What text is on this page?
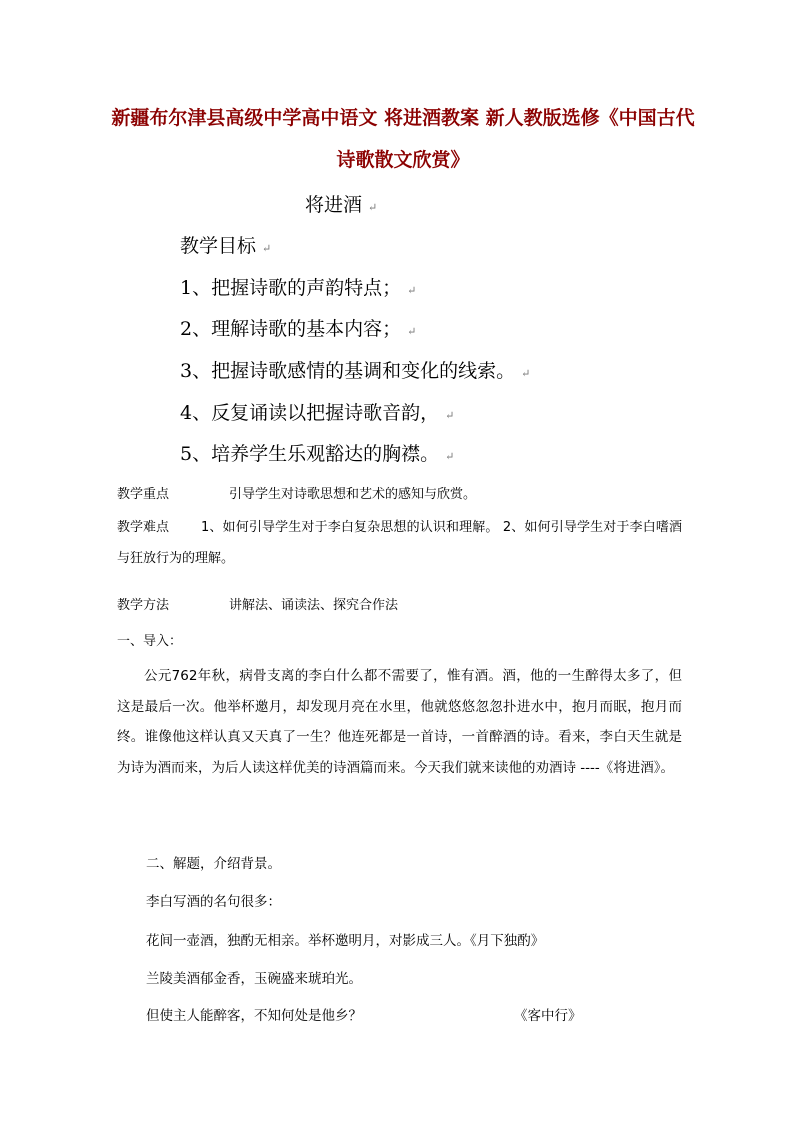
新疆布尔津县高级中学高中语文 将进酒教案 新人教版选修《中国古代诗歌散文欣赏》
将进酒 ↵
教学目标 ↵
1、把握诗歌的声韵特点； ↵
2、理解诗歌的基本内容； ↵
3、把握诗歌感情的基调和变化的线索。 ↵
4、反复诵读以把握诗歌音韵， ↵
5、培养学生乐观豁达的胸襟。 ↵
教学重点	引导学生对诗歌思想和艺术的感知与欣赏。
教学难点 1、如何引导学生对于李白复杂思想的认识和理解。 2、如何引导学生对于李白嗜酒与狂放行为的理解。
教学方法	讲解法、诵读法、探究合作法
一、导入：
公元762年秋，病骨支离的李白什么都不需要了，惟有酒。酒，他的一生醉得太多了，但这是最后一次。他举杯邀月，却发现月亮在水里，他就悠悠忽忽扑进水中，抱月而眠，抱月而终。谁像他这样认真又天真了一生？他连死都是一首诗，一首醉酒的诗。看来，李白天生就是为诗为酒而来，为后人读这样优美的诗酒篇而来。今天我们就来读他的劝酒诗 ----《将进酒》。
二、解题，介绍背景。
李白写酒的名句很多：
花间一壶酒，独酌无相亲。举杯邀明月，对影成三人。《月下独酌》
兰陵美酒郁金香，玉碗盛来琥珀光。
但使主人能醉客，不知何处是他乡？	《客中行》
